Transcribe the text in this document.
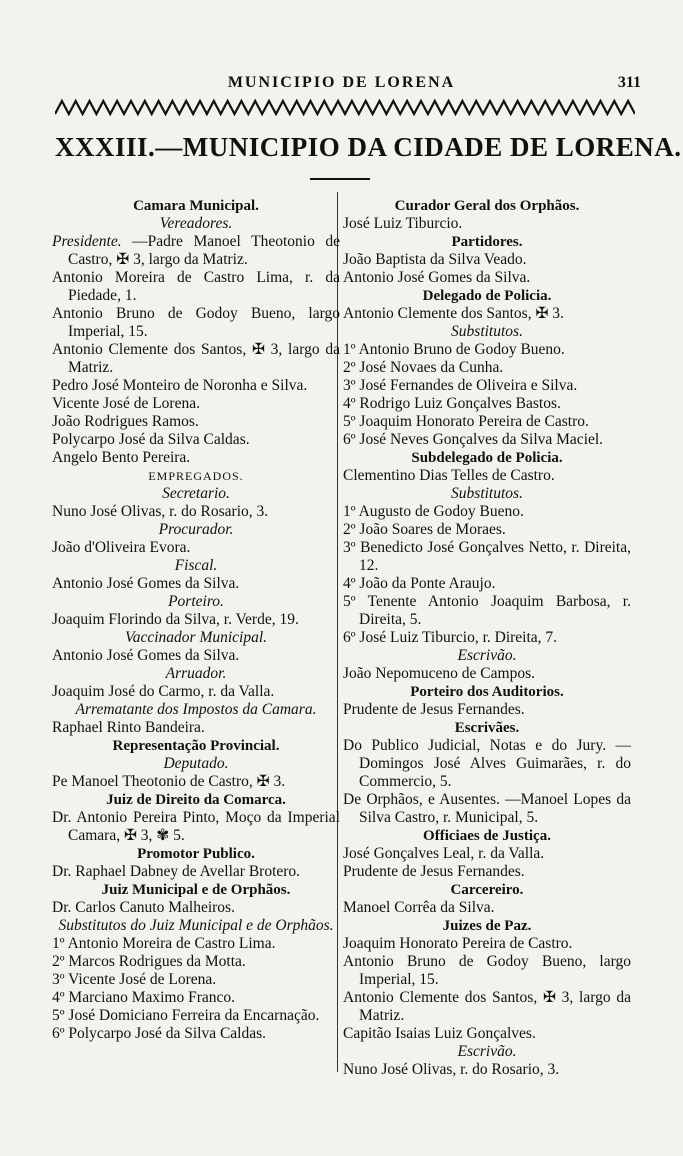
MUNICIPIO DE LORENA	311
XXXIII.—MUNICIPIO DA CIDADE DE LORENA.
Camara Municipal.
Vereadores.
Presidente. —Padre Manoel Theotonio de Castro, ✠ 3, largo da Matriz.
Antonio Moreira de Castro Lima, r. da Piedade, 1.
Antonio Bruno de Godoy Bueno, largo Imperial, 15.
Antonio Clemente dos Santos, ✠ 3, largo da Matriz.
Pedro José Monteiro de Noronha e Silva.
Vicente José de Lorena.
João Rodrigues Ramos.
Polycarpo José da Silva Caldas.
Angelo Bento Pereira.
EMPREGADOS.
Secretario.
Nuno José Olivas, r. do Rosario, 3.
Procurador.
João d'Oliveira Evora.
Fiscal.
Antonio José Gomes da Silva.
Porteiro.
Joaquim Florindo da Silva, r. Verde, 19.
Vaccinador Municipal.
Antonio José Gomes da Silva.
Arruador.
Joaquim José do Carmo, r. da Valla.
Arrematante dos Impostos da Camara.
Raphael Rinto Bandeira.
Representação Provincial.
Deputado.
Pe Manoel Theotonio de Castro, ✠ 3.
Juiz de Direito da Comarca.
Dr. Antonio Pereira Pinto, Moço da Imperial Camara, ✠ 3, ✾ 5.
Promotor Publico.
Dr. Raphael Dabney de Avellar Brotero.
Juiz Municipal e de Orphãos.
Dr. Carlos Canuto Malheiros.
Substitutos do Juiz Municipal e de Orphãos.
1º Antonio Moreira de Castro Lima.
2º Marcos Rodrigues da Motta.
3º Vicente José de Lorena.
4º Marciano Maximo Franco.
5º José Domiciano Ferreira da Encarnação.
6º Polycarpo José da Silva Caldas.
Curador Geral dos Orphãos.
José Luiz Tiburcio.
Partidores.
João Baptista da Silva Veado.
Antonio José Gomes da Silva.
Delegado de Policia.
Antonio Clemente dos Santos, ✠ 3.
Substitutos.
1º Antonio Bruno de Godoy Bueno.
2º José Novaes da Cunha.
3º José Fernandes de Oliveira e Silva.
4º Rodrigo Luiz Gonçalves Bastos.
5º Joaquim Honorato Pereira de Castro.
6º José Neves Gonçalves da Silva Maciel.
Subdelegado de Policia.
Clementino Dias Telles de Castro.
Substitutos.
1º Augusto de Godoy Bueno.
2º João Soares de Moraes.
3º Benedicto José Gonçalves Netto, r. Direita, 12.
4º João da Ponte Araujo.
5º Tenente Antonio Joaquim Barbosa, r. Direita, 5.
6º José Luiz Tiburcio, r. Direita, 7.
Escrivão.
João Nepomuceno de Campos.
Porteiro dos Auditorios.
Prudente de Jesus Fernandes.
Escrivães.
Do Publico Judicial, Notas e do Jury. — Domingos José Alves Guimarães, r. do Commercio, 5.
De Orphãos, e Ausentes. —Manoel Lopes da Silva Castro, r. Municipal, 5.
Officiaes de Justiça.
José Gonçalves Leal, r. da Valla.
Prudente de Jesus Fernandes.
Carcereiro.
Manoel Corrêa da Silva.
Juizes de Paz.
Joaquim Honorato Pereira de Castro.
Antonio Bruno de Godoy Bueno, largo Imperial, 15.
Antonio Clemente dos Santos, ✠ 3, largo da Matriz.
Capitão Isaias Luiz Gonçalves.
Escrivão.
Nuno José Olivas, r. do Rosario, 3.
